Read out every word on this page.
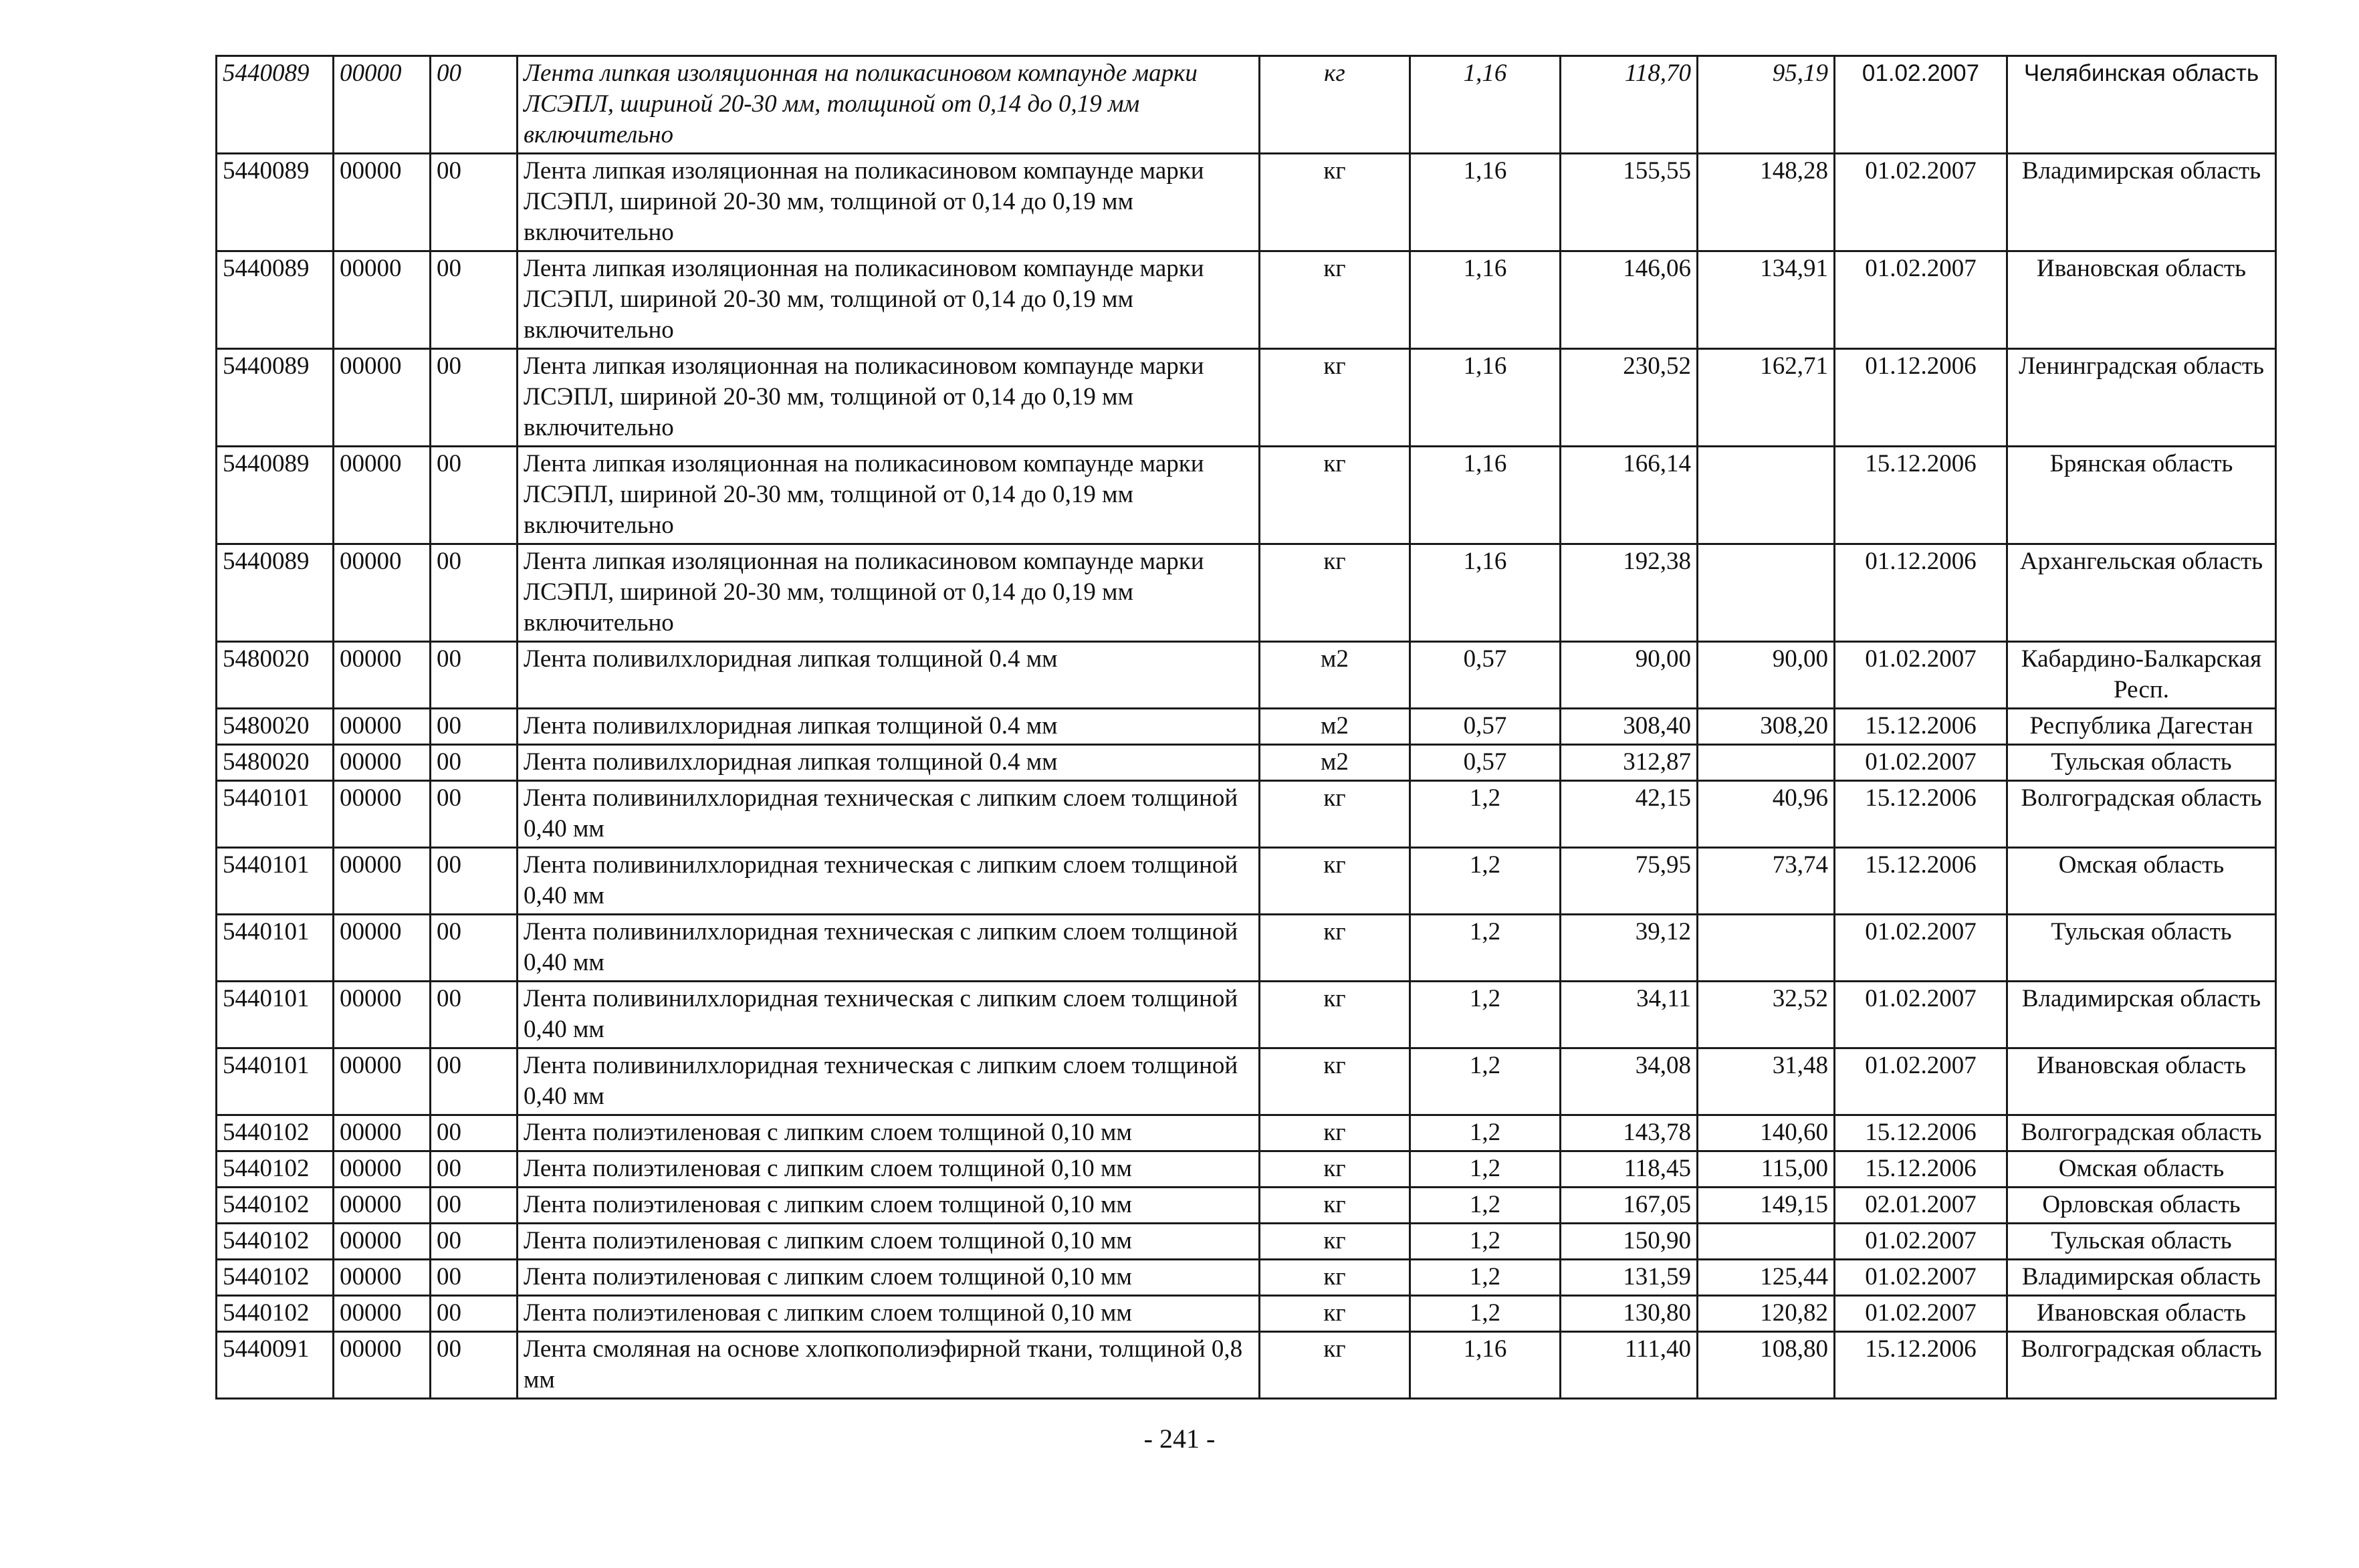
5440089	00000	00	Лента липкая изоляционная на поликасиновом компаунде марки ЛСЭПЛ, шириной 20-30 мм, толщиной от 0,14 до 0,19 мм включительно	кг	1,16	118,70	95,19	01.02.2007	Челябинская область
5440089	00000	00	Лента липкая изоляционная на поликасиновом компаунде марки ЛСЭПЛ, шириной 20-30 мм, толщиной от 0,14 до 0,19 мм включительно	кг	1,16	155,55	148,28	01.02.2007	Владимирская область
5440089	00000	00	Лента липкая изоляционная на поликасиновом компаунде марки ЛСЭПЛ, шириной 20-30 мм, толщиной от 0,14 до 0,19 мм включительно	кг	1,16	146,06	134,91	01.02.2007	Ивановская область
5440089	00000	00	Лента липкая изоляционная на поликасиновом компаунде марки ЛСЭПЛ, шириной 20-30 мм, толщиной от 0,14 до 0,19 мм включительно	кг	1,16	230,52	162,71	01.12.2006	Ленинградская область
5440089	00000	00	Лента липкая изоляционная на поликасиновом компаунде марки ЛСЭПЛ, шириной 20-30 мм, толщиной от 0,14 до 0,19 мм включительно	кг	1,16	166,14		15.12.2006	Брянская область
5440089	00000	00	Лента липкая изоляционная на поликасиновом компаунде марки ЛСЭПЛ, шириной 20-30 мм, толщиной от 0,14 до 0,19 мм включительно	кг	1,16	192,38		01.12.2006	Архангельская область
5480020	00000	00	Лента поливилхлоридная липкая толщиной 0.4 мм	м2	0,57	90,00	90,00	01.02.2007	Кабардино-Балкарская Респ.
5480020	00000	00	Лента поливилхлоридная липкая толщиной 0.4 мм	м2	0,57	308,40	308,20	15.12.2006	Республика Дагестан
5480020	00000	00	Лента поливилхлоридная липкая толщиной 0.4 мм	м2	0,57	312,87		01.02.2007	Тульская область
5440101	00000	00	Лента поливинилхлоридная техническая с липким слоем толщиной 0,40 мм	кг	1,2	42,15	40,96	15.12.2006	Волгоградская область
5440101	00000	00	Лента поливинилхлоридная техническая с липким слоем толщиной 0,40 мм	кг	1,2	75,95	73,74	15.12.2006	Омская область
5440101	00000	00	Лента поливинилхлоридная техническая с липким слоем толщиной 0,40 мм	кг	1,2	39,12		01.02.2007	Тульская область
5440101	00000	00	Лента поливинилхлоридная техническая с липким слоем толщиной 0,40 мм	кг	1,2	34,11	32,52	01.02.2007	Владимирская область
5440101	00000	00	Лента поливинилхлоридная техническая с липким слоем толщиной 0,40 мм	кг	1,2	34,08	31,48	01.02.2007	Ивановская область
5440102	00000	00	Лента полиэтиленовая с липким слоем толщиной 0,10 мм	кг	1,2	143,78	140,60	15.12.2006	Волгоградская область
5440102	00000	00	Лента полиэтиленовая с липким слоем толщиной 0,10 мм	кг	1,2	118,45	115,00	15.12.2006	Омская область
5440102	00000	00	Лента полиэтиленовая с липким слоем толщиной 0,10 мм	кг	1,2	167,05	149,15	02.01.2007	Орловская область
5440102	00000	00	Лента полиэтиленовая с липким слоем толщиной 0,10 мм	кг	1,2	150,90		01.02.2007	Тульская область
5440102	00000	00	Лента полиэтиленовая с липким слоем толщиной 0,10 мм	кг	1,2	131,59	125,44	01.02.2007	Владимирская область
5440102	00000	00	Лента полиэтиленовая с липким слоем толщиной 0,10 мм	кг	1,2	130,80	120,82	01.02.2007	Ивановская область
5440091	00000	00	Лента смоляная на основе хлопкополиэфирной ткани, толщиной 0,8 мм	кг	1,16	111,40	108,80	15.12.2006	Волгоградская область
- 241 -
